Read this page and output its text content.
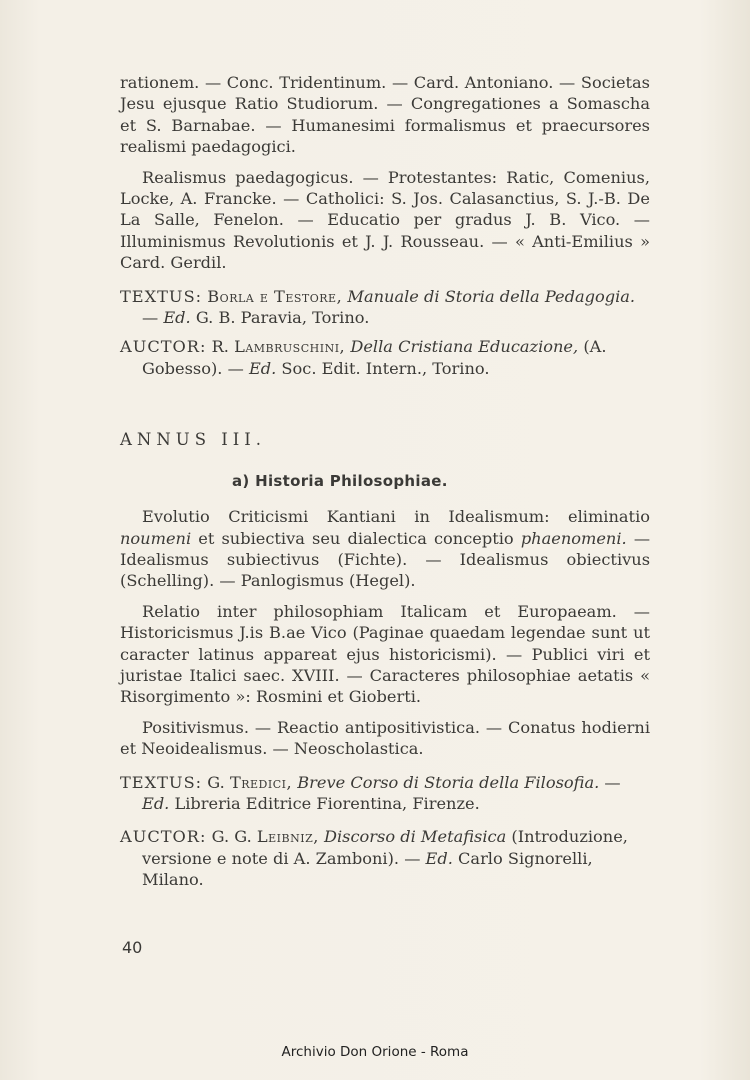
rationem. — Conc. Tridentinum. — Card. Antoniano. — Societas Jesu ejusque Ratio Studiorum. — Congregationes a Somascha et S. Barnabae. — Humanesimi formalismus et praecursores realismi paedagogici.

Realismus paedagogicus. — Protestantes: Ratic, Comenius, Locke, A. Francke. — Catholici: S. Jos. Calasanctius, S. J.-B. De La Salle, Fenelon. — Educatio per gradus J. B. Vico. — Illuminismus Revolutionis et J. J. Rousseau. — « Anti-Emilius » Card. Gerdil.

TEXTUS: Borla e Testore, Manuale di Storia della Pedagogia. — Ed. G. B. Paravia, Torino.

AUCTOR: R. Lambruschini, Della Cristiana Educazione, (A. Gobesso). — Ed. Soc. Edit. Intern., Torino.

ANNUS III.
a) Historia Philosophiae.

Evolutio Criticismi Kantiani in Idealismum: eliminatio noumeni et subiectiva seu dialectica conceptio phaenomeni. — Idealismus subiectivus (Fichte). — Idealismus obiectivus (Schelling). — Panlogismus (Hegel).

Relatio inter philosophiam Italicam et Europaeam. — Historicismus J.is B.ae Vico (Paginae quaedam legendae sunt ut caracter latinus appareat ejus historicismi). — Publici viri et juristae Italici saec. XVIII. — Caracteres philosophiae aetatis « Risorgimento »: Rosmini et Gioberti.

Positivismus. — Reactio antipositivistica. — Conatus hodierni et Neoidealismus. — Neoscholastica.

TEXTUS: G. Tredici, Breve Corso di Storia della Filosofia. — Ed. Libreria Editrice Fiorentina, Firenze.

AUCTOR: G. G. Leibniz, Discorso di Metafisica (Introduzione, versione e note di A. Zamboni). — Ed. Carlo Signorelli, Milano.

40
Archivio Don Orione - Roma
